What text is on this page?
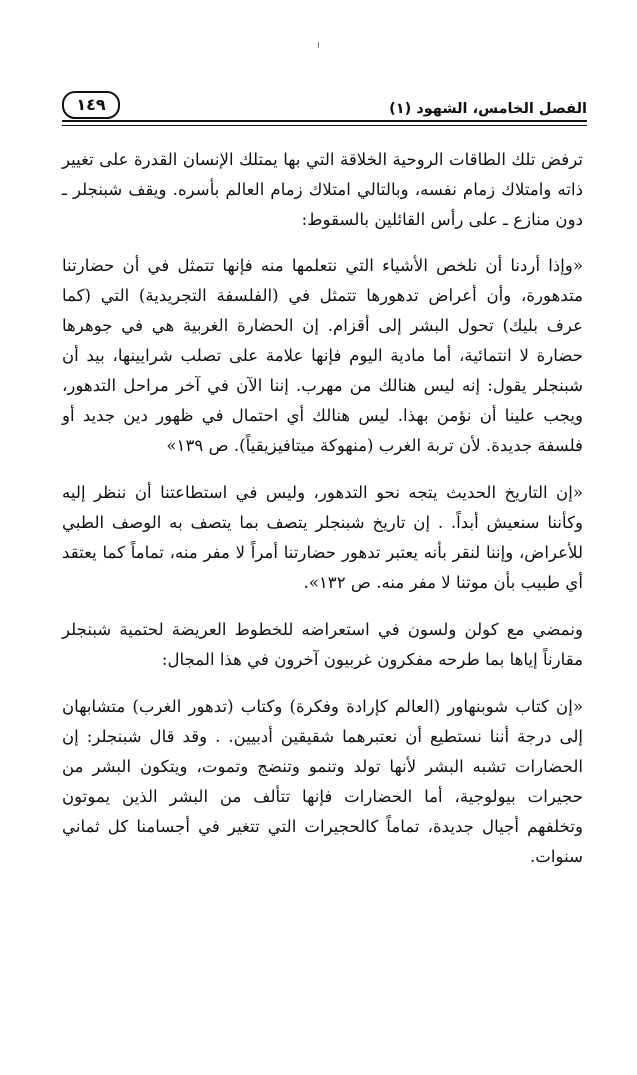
الفصل الخامس، الشهود (١)
١٤٩

ترفض تلك الطاقات الروحية الخلاقة التي بها يمتلك الإنسان القدرة على تغيير ذاته وامتلاك زمام نفسه، وبالتالي امتلاك زمام العالم بأسره. ويقف شبنجلر ـ دون منازع ـ على رأس القائلين بالسقوط:

«وإذا أردنا أن نلخص الأشياء التي نتعلمها منه فإنها تتمثل في أن حضارتنا متدهورة، وأن أعراض تدهورها تتمثل في (الفلسفة التجريدية) التي (كما عرف بليك) تحول البشر إلى أقزام. إن الحضارة الغربية هي في جوهرها حضارة لا انتمائية، أما مادية اليوم فإنها علامة على تصلب شرايينها، بيد أن شبنجلر يقول: إنه ليس هنالك من مهرب. إننا الآن في آخر مراحل التدهور، ويجب علينا أن نؤمن بهذا. ليس هنالك أي احتمال في ظهور دين جديد أو فلسفة جديدة. لأن تربة الغرب (منهوكة ميتافيزيقياً). ص ١٣٩»

«إن التاريخ الحديث يتجه نحو التدهور، وليس في استطاعتنا أن ننظر إليه وكأننا سنعيش أبداً. . إن تاريخ شبنجلر يتصف بما يتصف به الوصف الطبي للأعراض، وإننا لنقر بأنه يعتبر تدهور حضارتنا أمراً لا مفر منه، تماماً كما يعتقد أي طبيب بأن موتنا لا مفر منه. ص ١٣٢».

ونمضي مع كولن ولسون في استعراضه للخطوط العريضة لحتمية شبنجلر مقارناً إياها بما طرحه مفكرون غربيون آخرون في هذا المجال:

«إن كتاب شوبنهاور (العالم كإرادة وفكرة) وكتاب (تدهور الغرب) متشابهان إلى درجة أننا نستطيع أن نعتبرهما شقيقين أدبيين. . وقد قال شبنجلر: إن الحضارات تشبه البشر لأنها تولد وتنمو وتنضج وتموت، ويتكون البشر من حجيرات بيولوجية، أما الحضارات فإنها تتألف من البشر الذين يموتون وتخلفهم أجيال جديدة، تماماً كالحجيرات التي تتغير في أجسامنا كل ثماني سنوات.
